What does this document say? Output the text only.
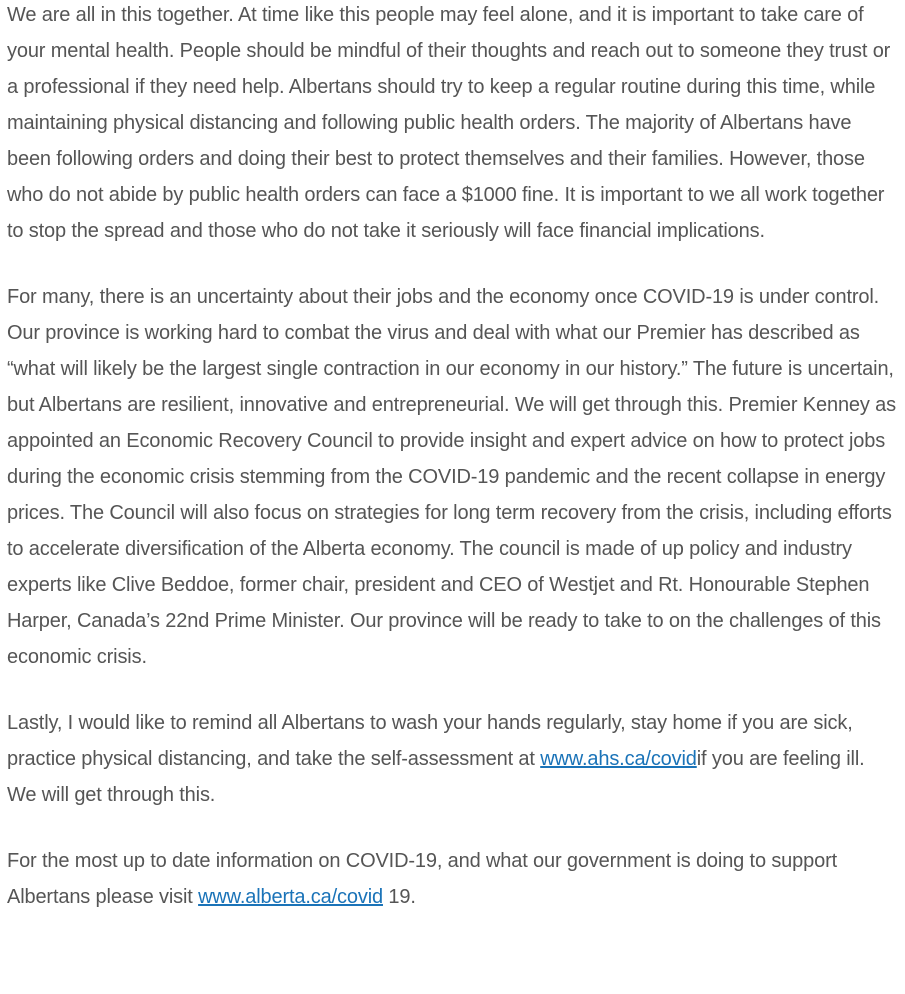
We are all in this together. At time like this people may feel alone, and it is important to take care of your mental health. People should be mindful of their thoughts and reach out to someone they trust or a professional if they need help. Albertans should try to keep a regular routine during this time, while maintaining physical distancing and following public health orders. The majority of Albertans have been following orders and doing their best to protect themselves and their families. However, those who do not abide by public health orders can face a $1000 fine. It is important to we all work together to stop the spread and those who do not take it seriously will face financial implications.

For many, there is an uncertainty about their jobs and the economy once COVID-19 is under control. Our province is working hard to combat the virus and deal with what our Premier has described as “what will likely be the largest single contraction in our economy in our history.” The future is uncertain, but Albertans are resilient, innovative and entrepreneurial. We will get through this. Premier Kenney as appointed an Economic Recovery Council to provide insight and expert advice on how to protect jobs during the economic crisis stemming from the COVID-19 pandemic and the recent collapse in energy prices. The Council will also focus on strategies for long term recovery from the crisis, including efforts to accelerate diversification of the Alberta economy. The council is made of up policy and industry experts like Clive Beddoe, former chair, president and CEO of Westjet and Rt. Honourable Stephen Harper, Canada’s 22nd Prime Minister. Our province will be ready to take to on the challenges of this economic crisis.

Lastly, I would like to remind all Albertans to wash your hands regularly, stay home if you are sick, practice physical distancing, and take the self-assessment at www.ahs.ca/covidif you are feeling ill. We will get through this.

For the most up to date information on COVID-19, and what our government is doing to support Albertans please visit www.alberta.ca/covid 19.
